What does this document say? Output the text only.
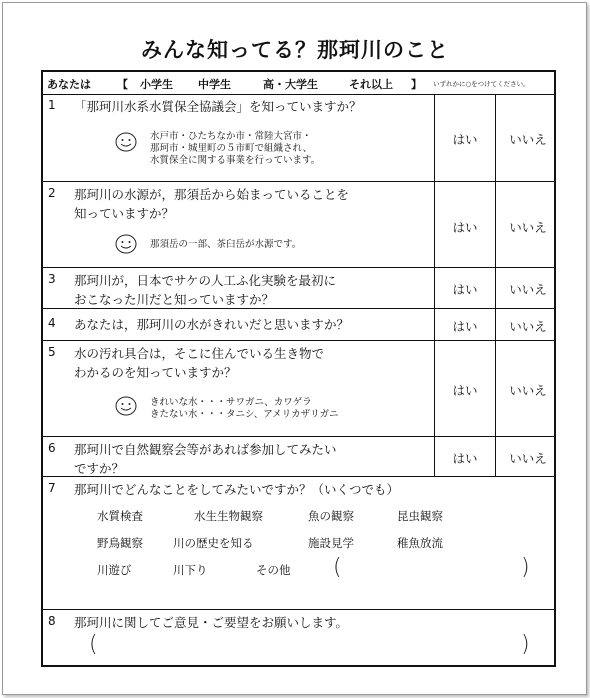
みんな知ってる？那珂川のこと
あなたは 【 小学生 中学生	高・大学生	それ以上 】 いずれかに○をつけてください。
1 「那珂川水系水質保全協議会」を知っていますか？
水戸市・ひたちなか市・常陸大宮市・
那珂市・城里町の５市町で組織され、
水質保全に関する事業を行っています。
はい	いいえ
2 那珂川の水源が，那須岳から始まっていることを
知っていますか？
那須岳の一部、茶臼岳が水源です。
はい	いいえ
3 那珂川が，日本でサケの人工ふ化実験を最初に
おこなった川だと知っていますか？
はい	いいえ
4 あなたは，那珂川の水がきれいだと思いますか？	はい	いいえ
5 水の汚れ具合は，そこに住んでいる生き物で
わかるのを知っていますか？
きれいな水・・・サワガニ、カワゲラ
きたない水・・・タニシ、アメリカザリガニ
はい	いいえ
6 那珂川で自然観察会等があれば参加してみたい
ですか？
はい	いいえ
7 那珂川でどんなことをしてみたいですか？（いくつでも）
水質検査	水生生物観察	魚の観察	昆虫観察
野鳥観察	川の歴史を知る	施設見学	稚魚放流
川遊び	川下り	その他 (	)
8 那珂川に関してご意見・ご要望をお願いします。
(	)
